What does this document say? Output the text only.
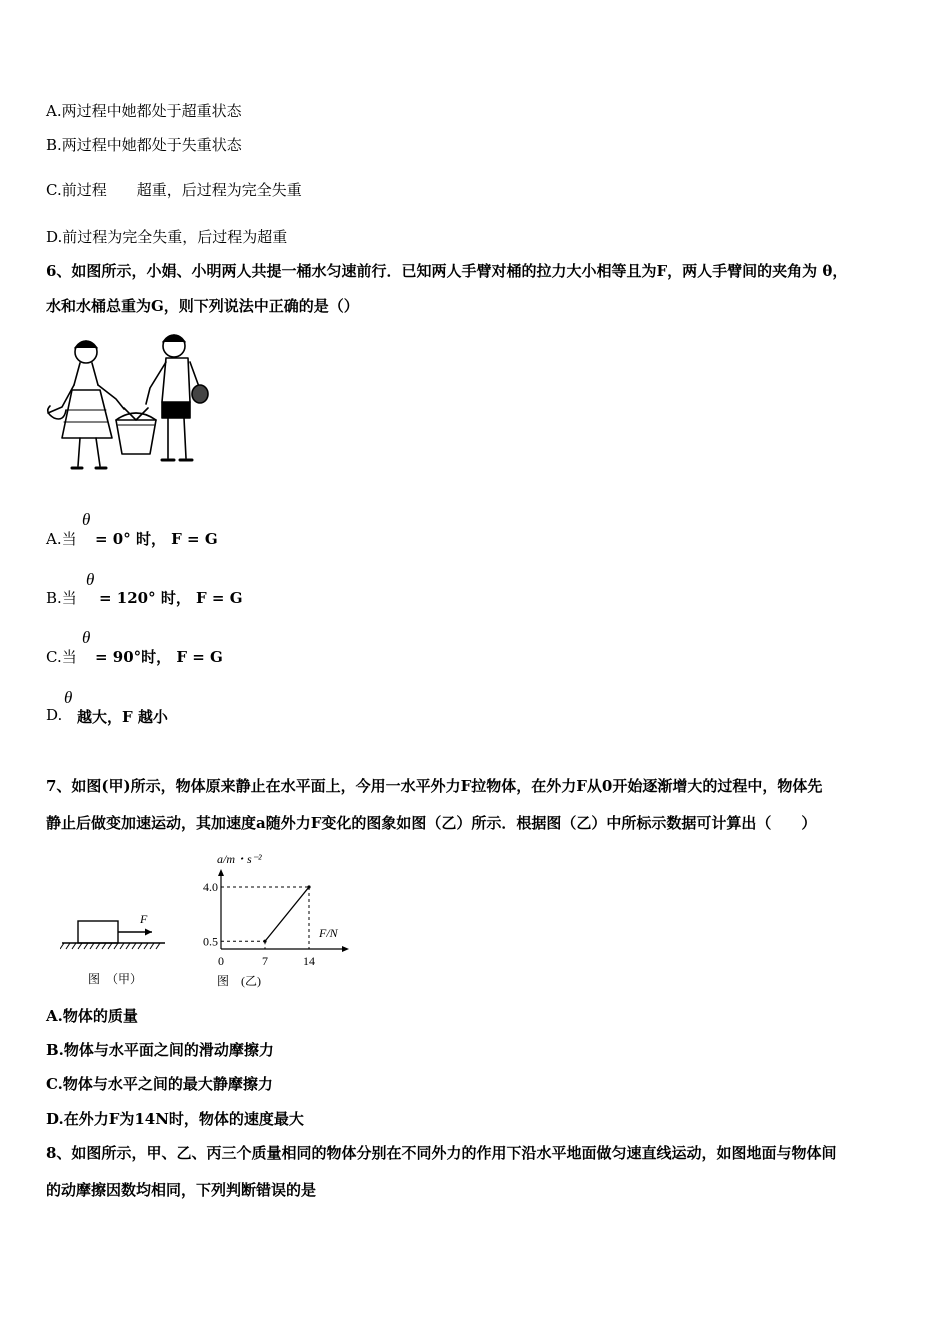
A.两过程中她都处于超重状态
B.两过程中她都处于失重状态
C.前过程　　超重，后过程为完全失重
D.前过程为完全失重，后过程为超重
6、如图所示，小娟、小明两人共提一桶水匀速前行．已知两人手臂对桶的拉力大小相等且为F，两人手臂间的夹角为 θ，
水和水桶总重为G，则下列说法中正确的是（）
A.当
θ
= 0° 时， F = G
B.当
θ
= 120° 时， F = G
C.当
θ
= 90°时， F = G
D.
θ
越大，F 越小
7、如图(甲)所示，物体原来静止在水平面上，今用一水平外力F拉物体，在外力F从0开始逐渐增大的过程中，物体先
静止后做变加速运动，其加速度a随外力F变化的图象如图（乙）所示．根据图（乙）中所标示数据可计算出（　　）
F
图　（甲）
a/m・s⁻²
F/N
0.5
4.0
0	7	14
图　(乙)
A.物体的质量
B.物体与水平面之间的滑动摩擦力
C.物体与水平之间的最大静摩擦力
D.在外力F为14N时，物体的速度最大
8、如图所示，甲、乙、丙三个质量相同的物体分别在不同外力的作用下沿水平地面做匀速直线运动，如图地面与物体间
的动摩擦因数均相同，下列判断错误的是
